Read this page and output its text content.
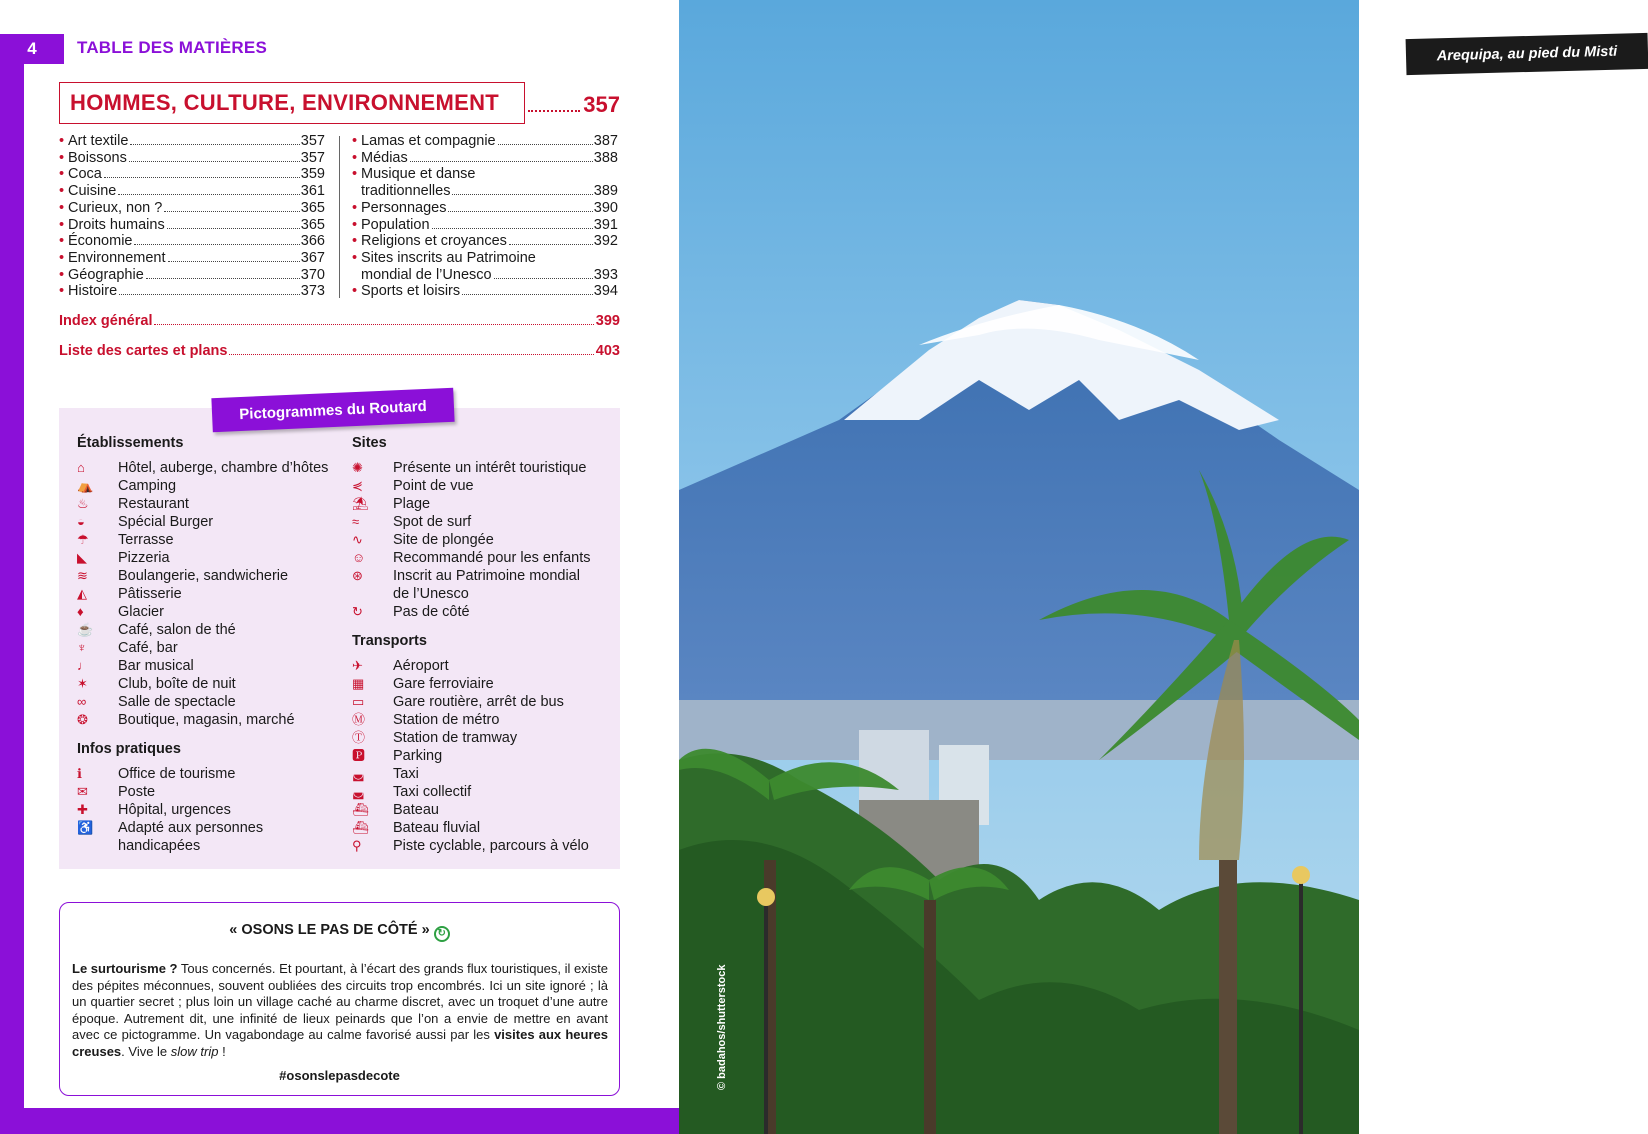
4	TABLE DES MATIÈRES
HOMMES, CULTURE, ENVIRONNEMENT	357
• Art textile	357
• Boissons	357
• Coca	359
• Cuisine	361
• Curieux, non ?	365
• Droits humains	365
• Économie	366
• Environnement	367
• Géographie	370
• Histoire	373
• Lamas et compagnie	387
• Médias	388
• Musique et danse
traditionnelles	389
• Personnages	390
• Population	391
• Religions et croyances	392
• Sites inscrits au Patrimoine
mondial de l’Unesco	393
• Sports et loisirs	394
Index général	399
Liste des cartes et plans	403
Pictogrammes du Routard
Établissements
⌂	Hôtel, auberge, chambre d’hôtes
⛺	Camping
♨	Restaurant
◒	Spécial Burger
☂	Terrasse
◣	Pizzeria
≋	Boulangerie, sandwicherie
◭	Pâtisserie
♦	Glacier
☕	Café, salon de thé
♆	Café, bar
♩	Bar musical
✶	Club, boîte de nuit
∞	Salle de spectacle
❂	Boutique, magasin, marché
Infos pratiques
ℹ	Office de tourisme
✉	Poste
✚	Hôpital, urgences
♿	Adapté aux personnes
handicapées
Sites
✺	Présente un intérêt touristique
⋞	Point de vue
⛱	Plage
≈	Spot de surf
∿	Site de plongée
☺	Recommandé pour les enfants
⊛	Inscrit au Patrimoine mondial
de l’Unesco
↻	Pas de côté
Transports
✈	Aéroport
▦	Gare ferroviaire
▭	Gare routière, arrêt de bus
Ⓜ	Station de métro
Ⓣ	Station de tramway
🅿	Parking
◛	Taxi
◛	Taxi collectif
⛴	Bateau
⛴	Bateau fluvial
⚲	Piste cyclable, parcours à vélo
« OSONS LE PAS DE CÔTÉ » ↻
Le surtourisme ? Tous concernés. Et pourtant, à l’écart des grands flux touristiques, il existe des pépites méconnues, souvent oubliées des circuits trop encombrés. Ici un site ignoré ; là un quartier secret ; plus loin un village caché au charme discret, avec un troquet d’une autre époque. Autrement dit, une infinité de lieux peinards que l’on a envie de mettre en avant avec ce pictogramme. Un vagabondage au calme favorisé aussi par les visites aux heures creuses. Vive le slow trip !
#osonslepasdecote
Arequipa, au pied du Misti
© badahos/shutterstock
